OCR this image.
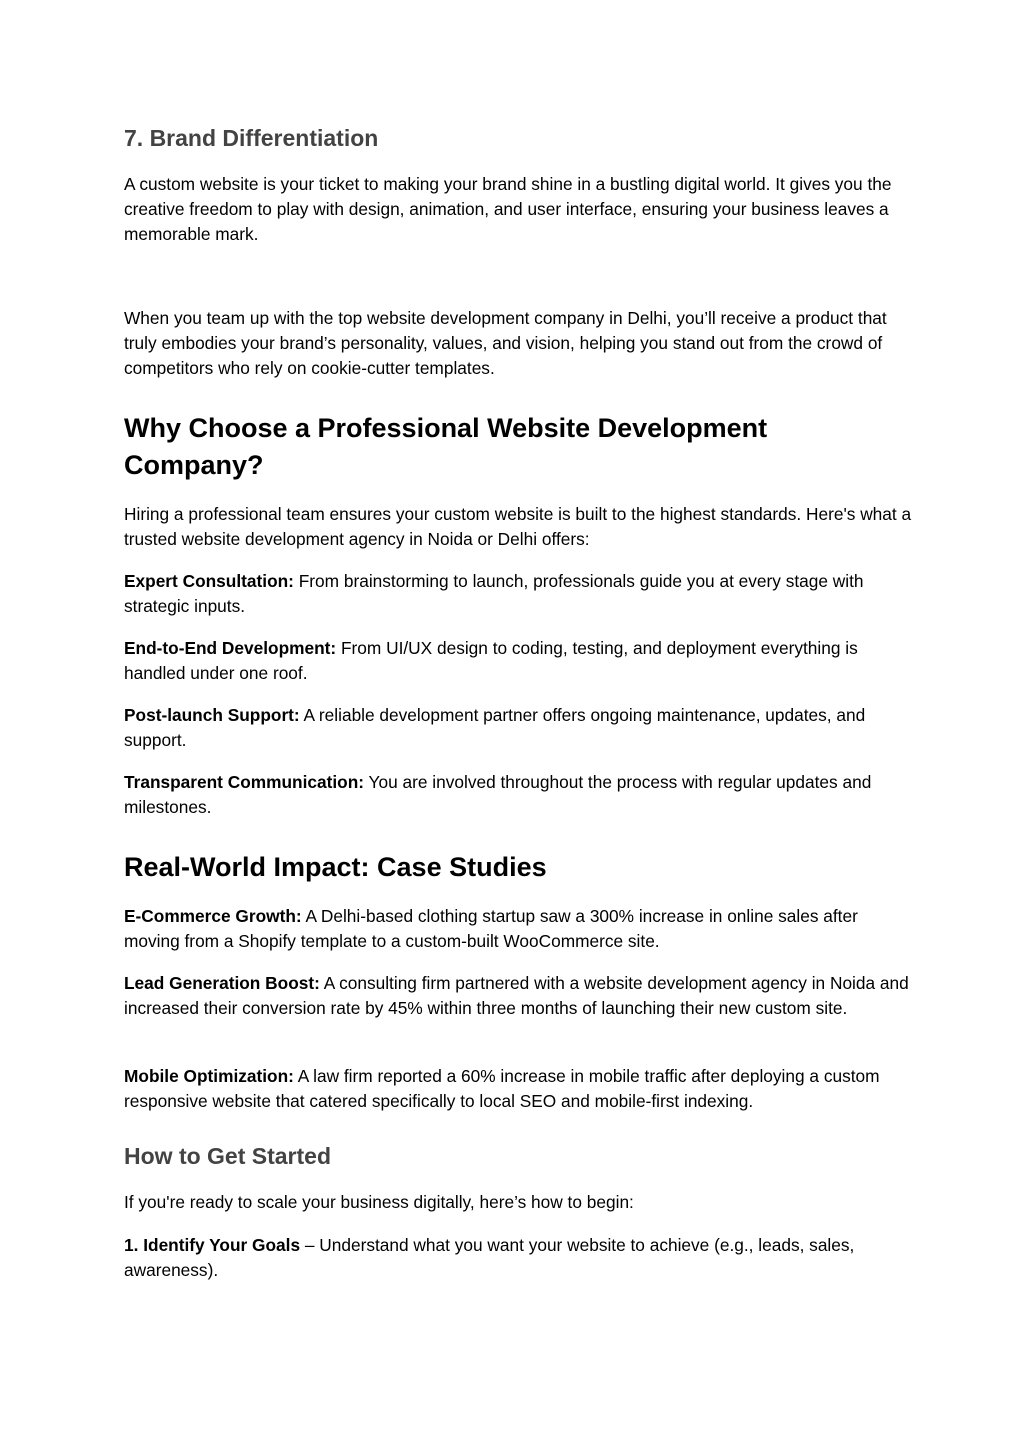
7. Brand Differentiation

A custom website is your ticket to making your brand shine in a bustling digital world. It gives you the creative freedom to play with design, animation, and user interface, ensuring your business leaves a memorable mark.

When you team up with the top website development company in Delhi, you’ll receive a product that truly embodies your brand’s personality, values, and vision, helping you stand out from the crowd of competitors who rely on cookie-cutter templates.

Why Choose a Professional Website Development Company?

Hiring a professional team ensures your custom website is built to the highest standards. Here's what a trusted website development agency in Noida or Delhi offers:

Expert Consultation: From brainstorming to launch, professionals guide you at every stage with strategic inputs.

End-to-End Development: From UI/UX design to coding, testing, and deployment everything is handled under one roof.

Post-launch Support: A reliable development partner offers ongoing maintenance, updates, and support.

Transparent Communication: You are involved throughout the process with regular updates and milestones.

Real-World Impact: Case Studies

E-Commerce Growth: A Delhi-based clothing startup saw a 300% increase in online sales after moving from a Shopify template to a custom-built WooCommerce site.

Lead Generation Boost: A consulting firm partnered with a website development agency in Noida and increased their conversion rate by 45% within three months of launching their new custom site.

Mobile Optimization: A law firm reported a 60% increase in mobile traffic after deploying a custom responsive website that catered specifically to local SEO and mobile-first indexing.

How to Get Started

If you're ready to scale your business digitally, here’s how to begin:

1. Identify Your Goals – Understand what you want your website to achieve (e.g., leads, sales, awareness).
